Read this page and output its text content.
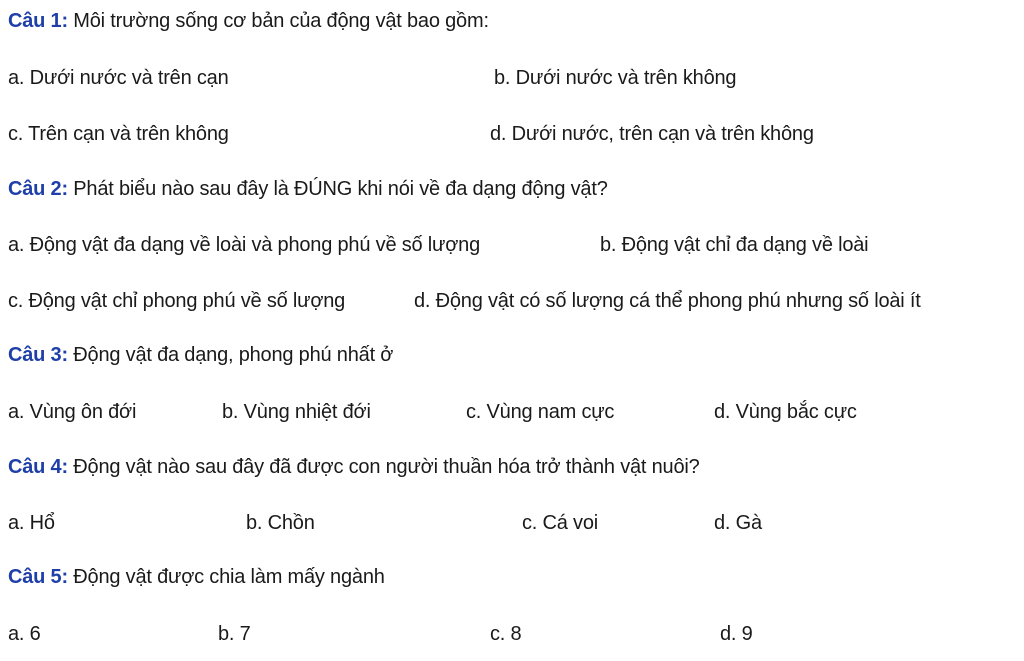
Câu 1: Môi trường sống cơ bản của động vật bao gồm:
a. Dưới nước và trên cạn	b. Dưới nước và trên không
c. Trên cạn và trên không	d. Dưới nước, trên cạn và trên không
Câu 2: Phát biểu nào sau đây là ĐÚNG khi nói về đa dạng động vật?
a. Động vật đa dạng về loài và phong phú về số lượng	b. Động vật chỉ đa dạng về loài
c. Động vật chỉ phong phú về số lượng	d. Động vật có số lượng cá thể phong phú nhưng số loài ít
Câu 3: Động vật đa dạng, phong phú nhất ở
a. Vùng ôn đới	b. Vùng nhiệt đới	c. Vùng nam cực	d. Vùng bắc cực
Câu 4: Động vật nào sau đây đã được con người thuần hóa trở thành vật nuôi?
a. Hổ	b. Chồn	c. Cá voi	d. Gà
Câu 5: Động vật được chia làm mấy ngành
a. 6	b. 7	c. 8	d. 9
